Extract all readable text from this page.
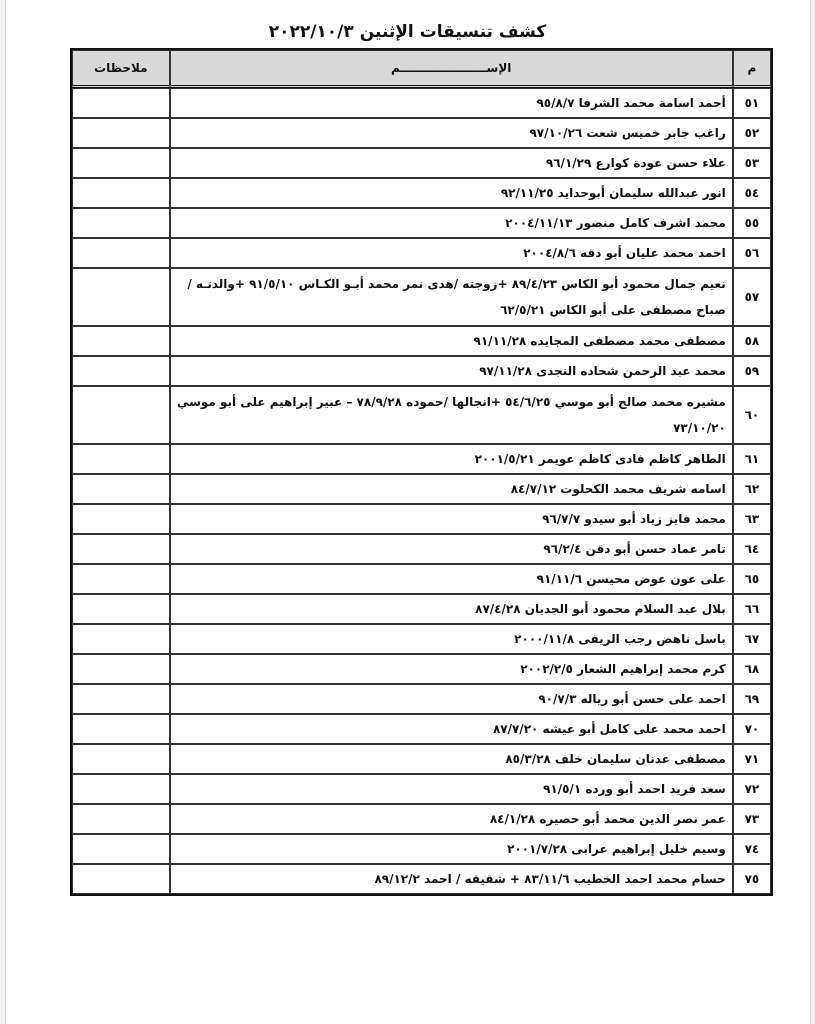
كشف تنسيقات الإثنين ٢٠٢٢/١٠/٣
م	الإســـــــــــــــــــــم	ملاحظات
٥١	أحمد اسامة محمد الشرفا ٩٥/٨/٧	
٥٢	راغب جابر خميس شعت ٩٧/١٠/٢٦	
٥٣	علاء حسن عودة كوارع ٩٦/١/٢٩	
٥٤	انور عبدالله سليمان أبوحدايد ٩٢/١١/٢٥	
٥٥	محمد اشرف كامل منصور ٢٠٠٤/١١/١٣	
٥٦	احمد محمد عليان أبو دقه ٢٠٠٤/٨/٦	
٥٧	نعيم جمال محمود أبو الكاس ٨٩/٤/٢٣ +زوجته /هدى نمر محمد أبـو الكـاس ٩١/٥/١٠ +والدتـه / صباح مصطفى على أبو الكاس ٦٢/٥/٢١	
٥٨	مصطفى محمد مصطفى المجايده ٩١/١١/٢٨	
٥٩	محمد عبد الرحمن شحاده النجدى ٩٧/١١/٢٨	
٦٠	مشيره محمد صالح أبو موسي ٥٤/٦/٢٥ +انجالها /حموده ٧٨/٩/٢٨ – عبير إبراهيم على أبو موسي ٧٣/١٠/٢٠	
٦١	الطاهر كاظم فادى كاظم عويمر ٢٠٠١/٥/٢١	
٦٢	اسامه شريف محمد الكحلوت ٨٤/٧/١٢	
٦٣	محمد فايز زياد أبو سيدو ٩٦/٧/٧	
٦٤	تامر عماد حسن أبو دقن ٩٦/٢/٤	
٦٥	على عون عوض محيسن ٩١/١١/٦	
٦٦	بلال عبد السلام محمود أبو الجديان ٨٧/٤/٢٨	
٦٧	باسل ناهض رجب الريفى ٢٠٠٠/١١/٨	
٦٨	كرم محمد إبراهيم الشعار ٢٠٠٢/٢/٥	
٦٩	احمد على حسن أبو رياله ٩٠/٧/٣	
٧٠	احمد محمد على كامل أبو عيشه ٨٧/٧/٢٠	
٧١	مصطفى عدنان سليمان خلف ٨٥/٣/٢٨	
٧٢	سعد فريد احمد أبو ورده ٩١/٥/١	
٧٣	عمر نصر الدين محمد أبو حصيره ٨٤/١/٢٨	
٧٤	وسيم خليل إبراهيم عرابى ٢٠٠١/٧/٢٨	
٧٥	حسام محمد احمد الخطيب ٨٣/١١/٦ + شقيقه / احمد ٨٩/١٢/٢	
